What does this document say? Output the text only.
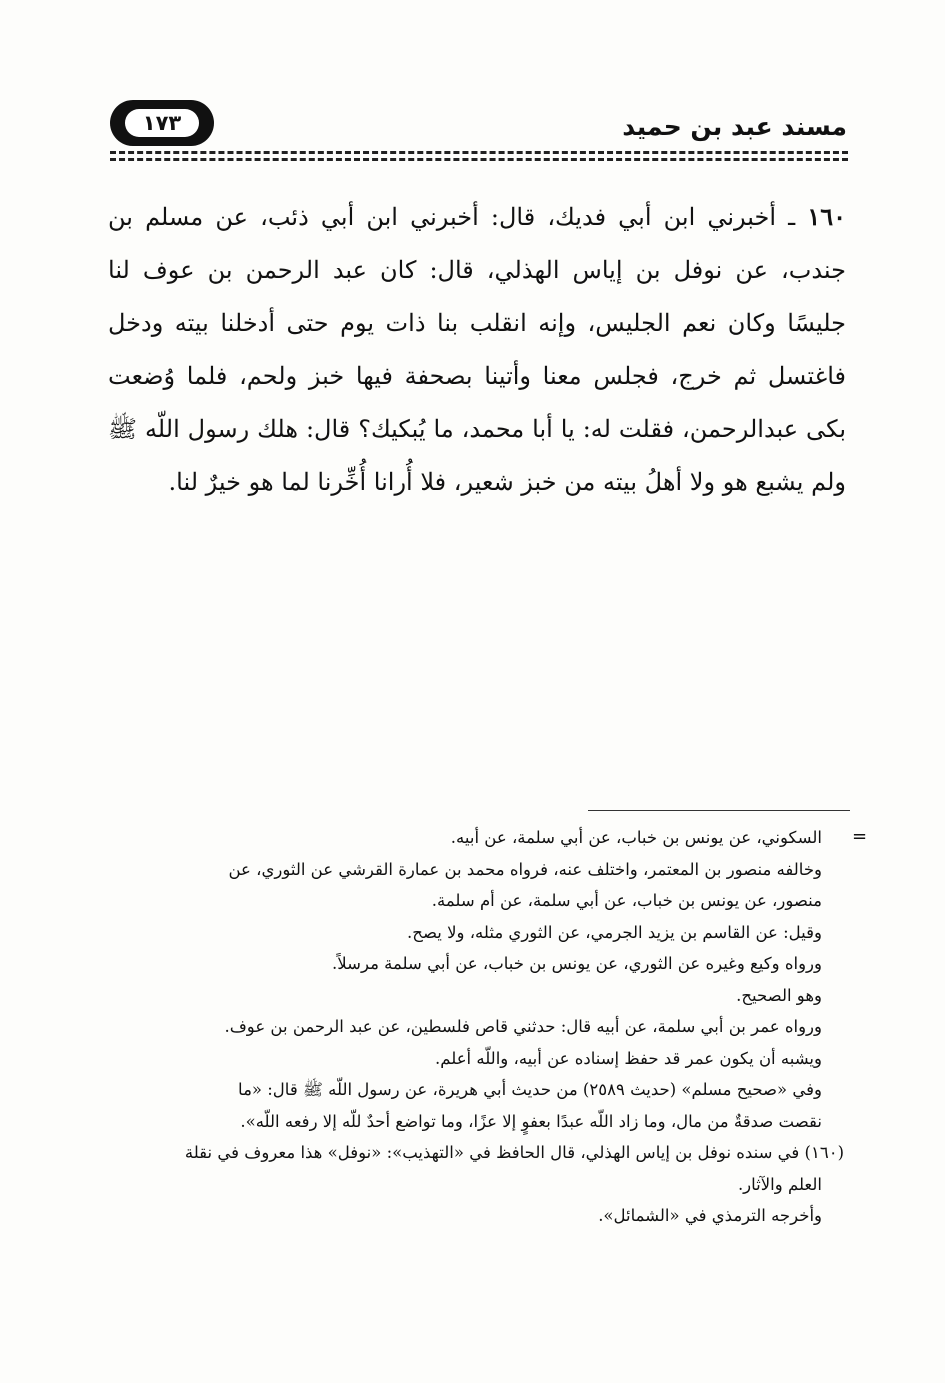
مسند عبد بن حميد
١٧٣
١٦٠ ـ أخبرني ابن أبي فديك، قال: أخبرني ابن أبي ذئب، عن مسلم بن جندب، عن نوفل بن إياس الهذلي، قال: كان عبد الرحمن بن عوف لنا جليسًا وكان نعم الجليس، وإنه انقلب بنا ذات يوم حتى أدخلنا بيته ودخل فاغتسل ثم خرج، فجلس معنا وأتينا بصحفة فيها خبز ولحم، فلما وُضعت بكى عبدالرحمن، فقلت له: يا أبا محمد، ما يُبكيك؟ قال: هلك رسول اللّه ﷺ ولم يشبع هو ولا أهلُ بيته من خبز شعير، فلا أُرانا أُخِّرنا لما هو خيرٌ لنا.
=
السكوني، عن يونس بن خباب، عن أبي سلمة، عن أبيه.
وخالفه منصور بن المعتمر، واختلف عنه، فرواه محمد بن عمارة القرشي عن الثوري، عن
منصور، عن يونس بن خباب، عن أبي سلمة، عن أم سلمة.
وقيل: عن القاسم بن يزيد الجرمي، عن الثوري مثله، ولا يصح.
ورواه وكيع وغيره عن الثوري، عن يونس بن خباب، عن أبي سلمة مرسلاً.
وهو الصحيح.
ورواه عمر بن أبي سلمة، عن أبيه قال: حدثني قاص فلسطين، عن عبد الرحمن بن عوف.
ويشبه أن يكون عمر قد حفظ إسناده عن أبيه، واللّه أعلم.
وفي «صحيح مسلم» (حديث ٢٥٨٩) من حديث أبي هريرة، عن رسول اللّه ﷺ قال: «ما
نقصت صدقةٌ من مال، وما زاد اللّه عبدًا بعفوٍ إلا عزًا، وما تواضع أحدٌ للّه إلا رفعه اللّه».
(١٦٠) في سنده نوفل بن إياس الهذلي، قال الحافظ في «التهذيب»: «نوفل» هذا معروف في نقلة
العلم والآثار.
وأخرجه الترمذي في «الشمائل».
